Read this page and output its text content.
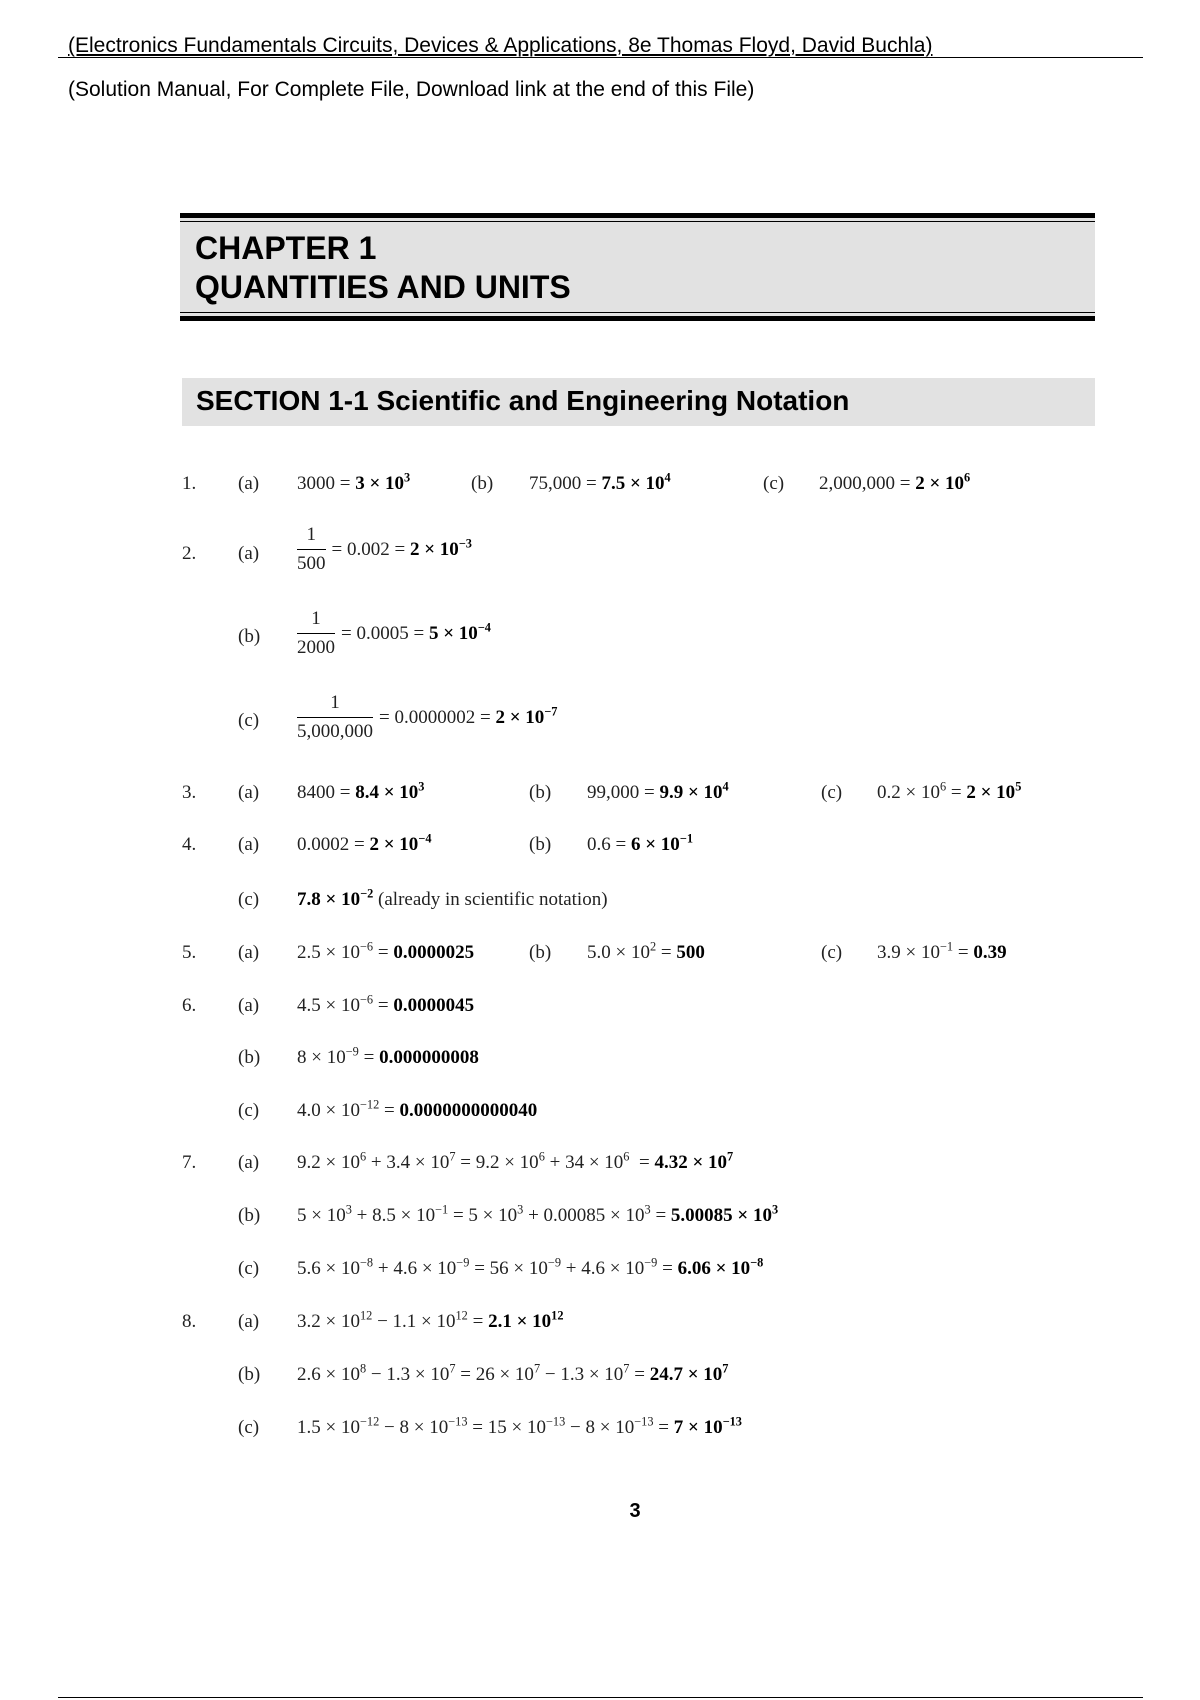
(Electronics Fundamentals Circuits, Devices & Applications, 8e Thomas Floyd, David Buchla)
(Solution Manual, For Complete File, Download link at the end of this File)
CHAPTER 1
QUANTITIES AND UNITS
SECTION 1-1 Scientific and Engineering Notation
1. (a) $3000 = 3 \times 10^3$	(b) $75,000 = 7.5 \times 10^4$	(c) $2,000,000 = 2 \times 10^6$
2. $(a) \frac{1}{500} = 0.002 = 2 \times 10^{-3}$
$(b) \frac{1}{2000} = 0.0005 = 5 \times 10^{-4}$
$(c) \frac{1}{5,000,000} = 0.0000002 = 2 \times 10^{-7}$
3. (a) $8400 = 8.4 \times 10^3$	(b) $99,000 = 9.9 \times 10^4$	(c) $0.2 \times 10^6 = 2 \times 10^5$
4. (a) $0.0002 = 2 \times 10^{-4}$	(b) $0.6 = 6 \times 10^{-1}$
(c) $7.8 \times 10^{-2}$ (already in scientific notation)
5. (a) $2.5 \times 10^{-6} = 0.0000025$	(b) $5.0 \times 10^2 = 500$	(c) $3.9 \times 10^{-1} = 0.39$
6. (a) $4.5 \times 10^{-6} = 0.0000045$
(b) $8 \times 10^{-9} = 0.000000008$
(c) $4.0 \times 10^{-12} = 0.0000000000040$
7. (a) $9.2 \times 10^6 + 3.4 \times 10^7 = 9.2 \times 10^6 + 34 \times 10^6 = 4.32 \times 10^7$
(b) $5 \times 10^3 + 8.5 \times 10^{-1} = 5 \times 10^3 + 0.00085 \times 10^3 = 5.00085 \times 10^3$
(c) $5.6 \times 10^{-8} + 4.6 \times 10^{-9} = 56 \times 10^{-9} + 4.6 \times 10^{-9} = 6.06 \times 10^{-8}$
8. (a) $3.2 \times 10^{12} - 1.1 \times 10^{12} = 2.1 \times 10^{12}$
(b) $2.6 \times 10^8 - 1.3 \times 10^7 = 26 \times 10^7 - 1.3 \times 10^7 = 24.7 \times 10^7$
(c) $1.5 \times 10^{-12} - 8 \times 10^{-13} = 15 \times 10^{-13} - 8 \times 10^{-13} = 7 \times 10^{-13}$
3
